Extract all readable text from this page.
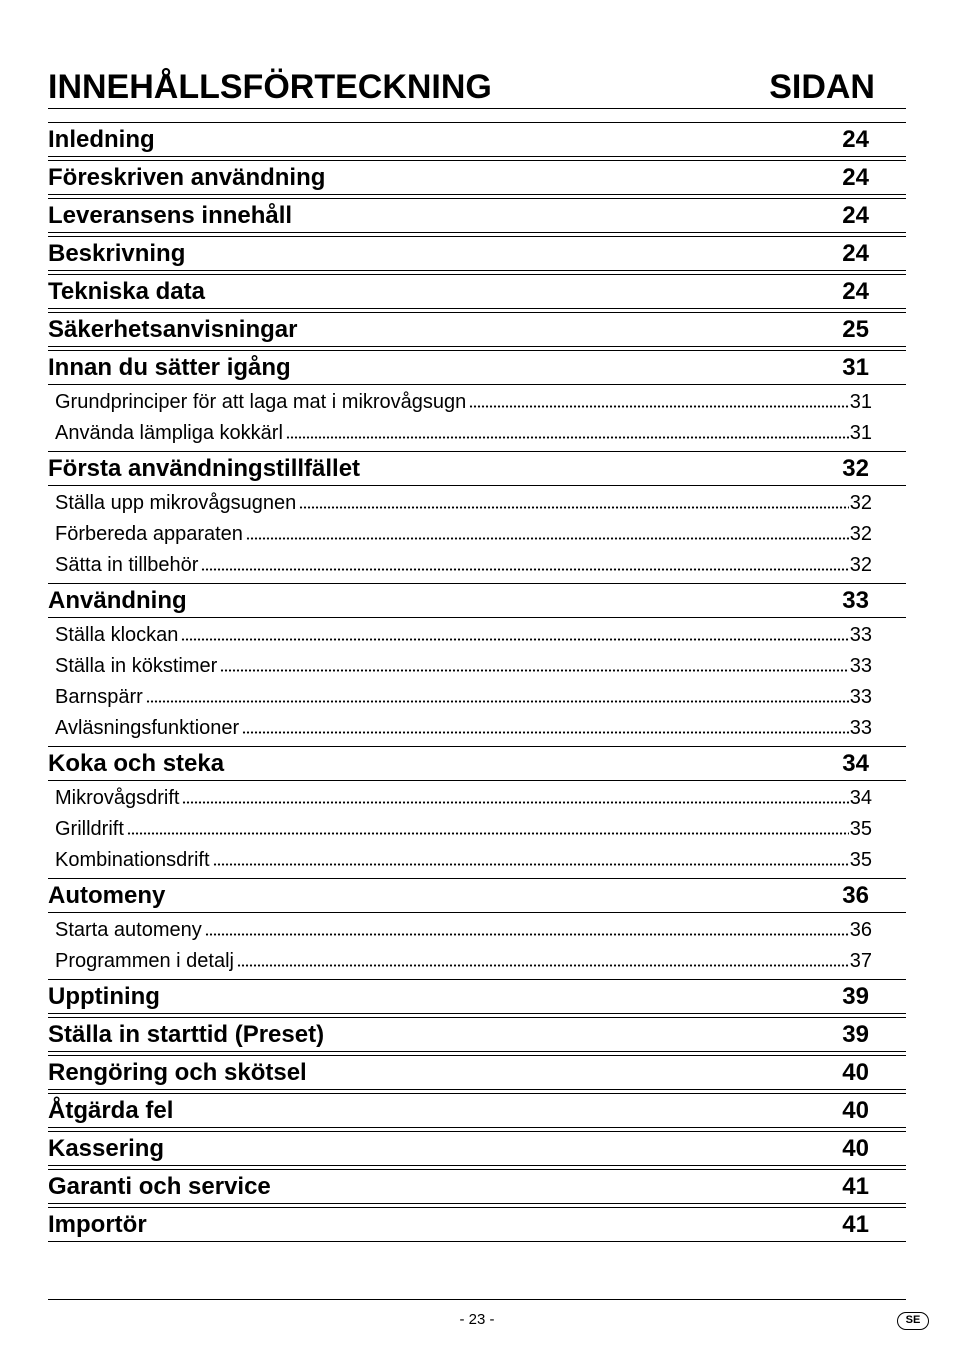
INNEHÅLLSFÖRTECKNING	SIDAN
Inledning	24
Föreskriven användning	24
Leveransens innehåll	24
Beskrivning	24
Tekniska data	24
Säkerhetsanvisningar	25
Innan du sätter igång	31
Grundprinciper för att laga mat i mikrovågsugn	31
Använda lämpliga kokkärl	31
Första användningstillfället	32
Ställa upp mikrovågsugnen	32
Förbereda apparaten	32
Sätta in tillbehör	32
Användning	33
Ställa klockan	33
Ställa in kökstimer	33
Barnspärr	33
Avläsningsfunktioner	33
Koka och steka	34
Mikrovågsdrift	34
Grilldrift	35
Kombinationsdrift	35
Automeny	36
Starta automeny	36
Programmen i detalj	37
Upptining	39
Ställa in starttid (Preset)	39
Rengöring och skötsel	40
Åtgärda fel	40
Kassering	40
Garanti och service	41
Importör	41
- 23 -	SE
